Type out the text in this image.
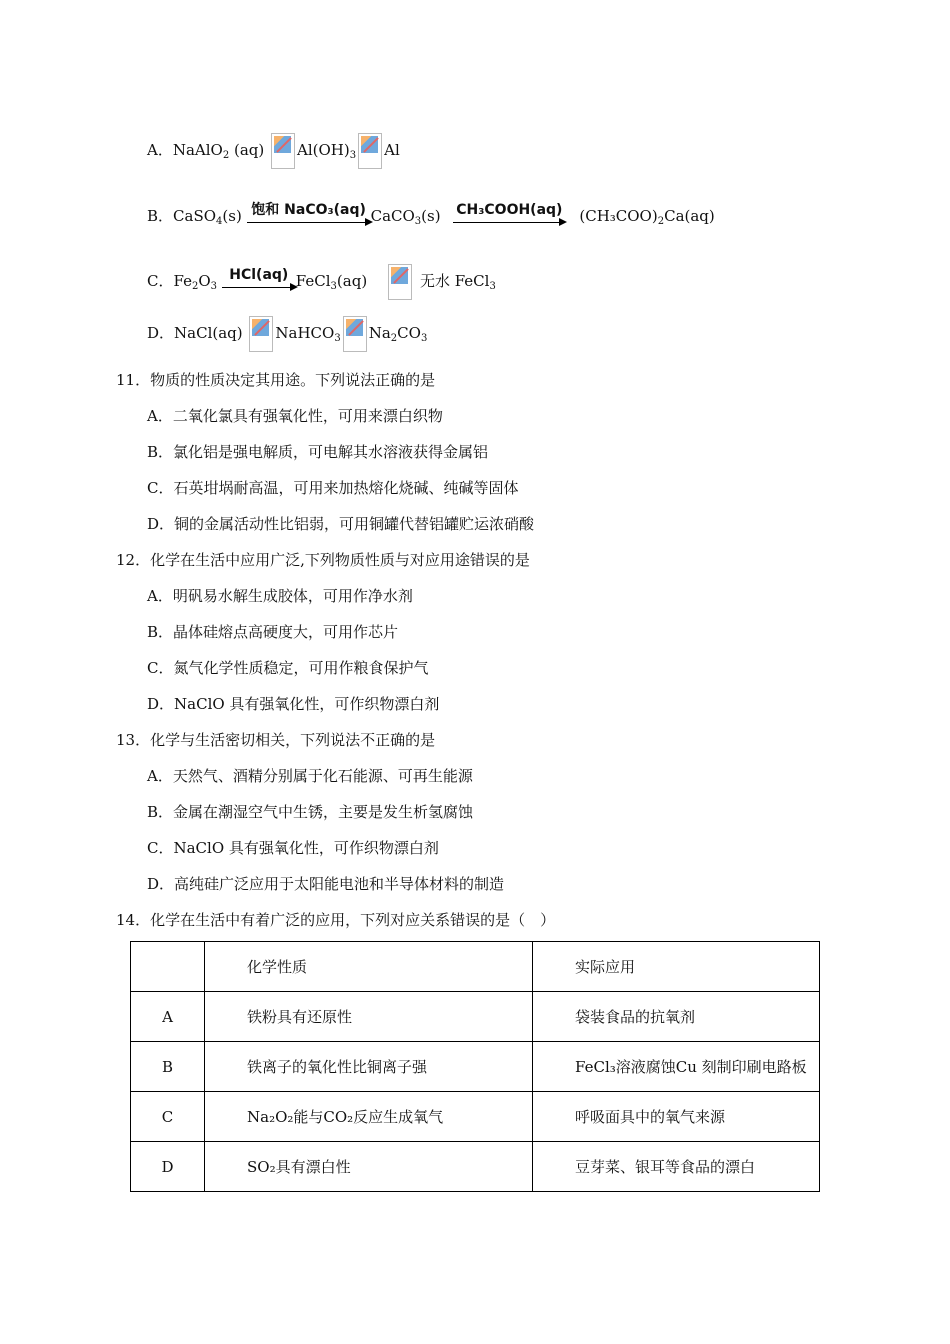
A．NaAlO$_2$ (aq) $Al(OH)_3$ Al
B．CaSO$_4$(s) 饱和 NaCO₃(aq) CaCO$_3$(s) CH₃COOH(aq) $(CH_3COO)_2Ca(aq)$
C．$Fe_2O_3$
HCl(aq) FeCl$_3$(aq)	无水 FeCl$_3$
D．NaCl(aq) NaHCO$_3$ $Na_2CO_3$
11．物质的性质决定其用途。下列说法正确的是
A．二氧化氯具有强氧化性，可用来漂白织物
B．氯化铝是强电解质，可电解其水溶液获得金属铝
C．石英坩埚耐高温，可用来加热熔化烧碱、纯碱等固体
D．铜的金属活动性比铝弱，可用铜罐代替铝罐贮运浓硝酸
12．化学在生活中应用广泛,下列物质性质与对应用途错误的是
A．明矾易水解生成胶体，可用作净水剂
B．晶体硅熔点高硬度大，可用作芯片
C．氮气化学性质稳定，可用作粮食保护气
D．NaClO 具有强氧化性，可作织物漂白剂
13．化学与生活密切相关，下列说法不正确的是
A．天然气、酒精分别属于化石能源、可再生能源
B．金属在潮湿空气中生锈，主要是发生析氢腐蚀
C．NaClO 具有强氧化性，可作织物漂白剂
D．高纯硅广泛应用于太阳能电池和半导体材料的制造
14．化学在生活中有着广泛的应用，下列对应关系错误的是（　）
	化学性质	实际应用
A	铁粉具有还原性	袋装食品的抗氧剂
B	铁离子的氧化性比铜离子强	FeCl₃溶液腐蚀Cu 刻制印刷电路板
C	Na₂O₂能与CO₂反应生成氧气	呼吸面具中的氧气来源
D	SO₂具有漂白性	豆芽菜、银耳等食品的漂白
